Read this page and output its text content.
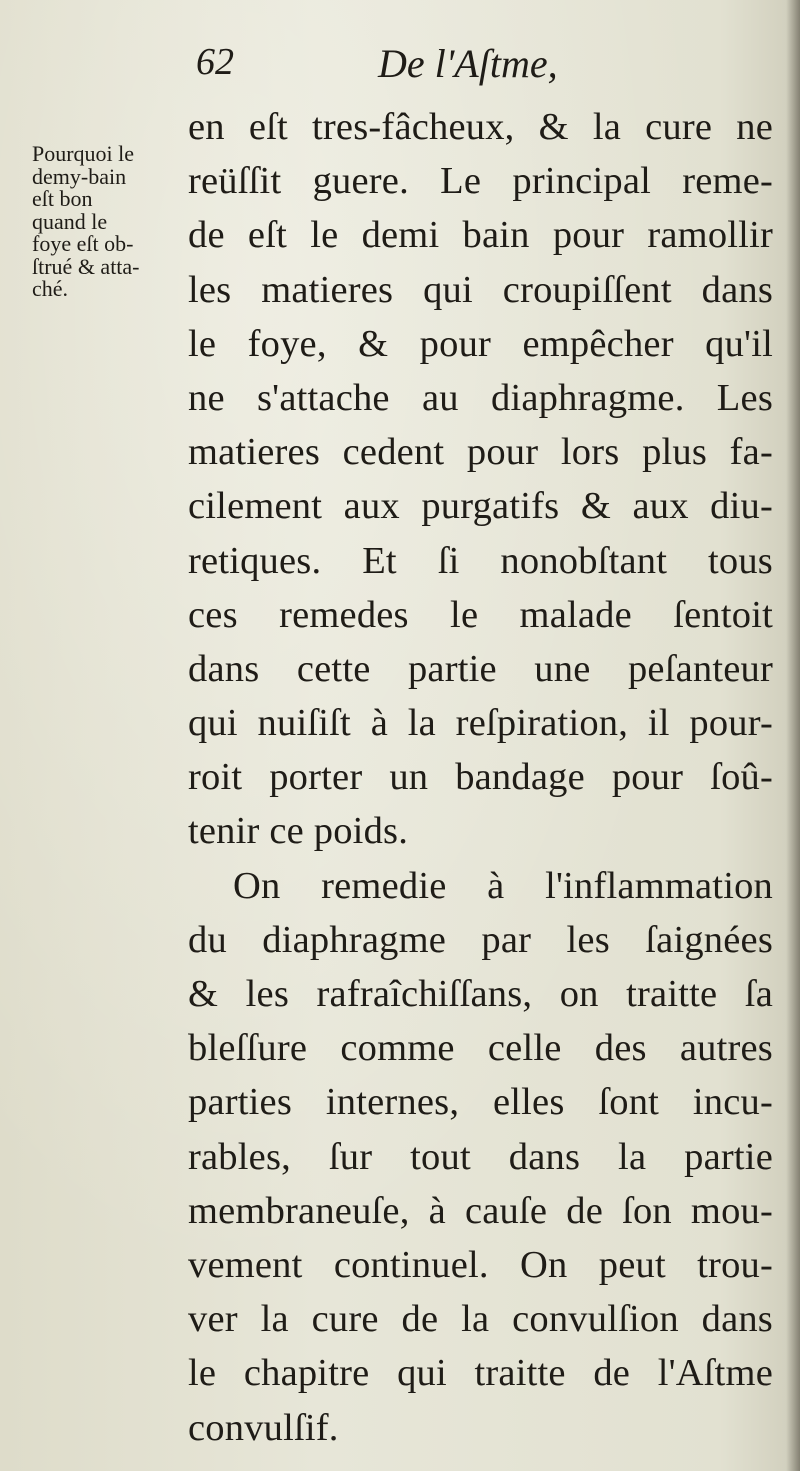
62	De l'Aſtme,
Pourquoi le
demy-bain
eſt bon
quand le
foye eſt ob-
ſtrué & atta-
ché.
en eſt tres-fâcheux, & la cure ne
reüſſit guere. Le principal reme-
de eſt le demi bain pour ramollir
les matieres qui croupiſſent dans
le foye, & pour empêcher qu'il
ne s'attache au diaphragme. Les
matieres cedent pour lors plus fa-
cilement aux purgatifs & aux diu-
retiques. Et ſi nonobſtant tous
ces remedes le malade ſentoit
dans cette partie une peſanteur
qui nuiſiſt à la reſpiration, il pour-
roit porter un bandage pour ſoû-
tenir ce poids.
On remedie à l'inflammation
du diaphragme par les ſaignées
& les rafraîchiſſans, on traitte ſa
bleſſure comme celle des autres
parties internes, elles ſont incu-
rables, ſur tout dans la partie
membraneuſe, à cauſe de ſon mou-
vement continuel. On peut trou-
ver la cure de la convulſion dans
le chapitre qui traitte de l'Aſtme
convulſif.
